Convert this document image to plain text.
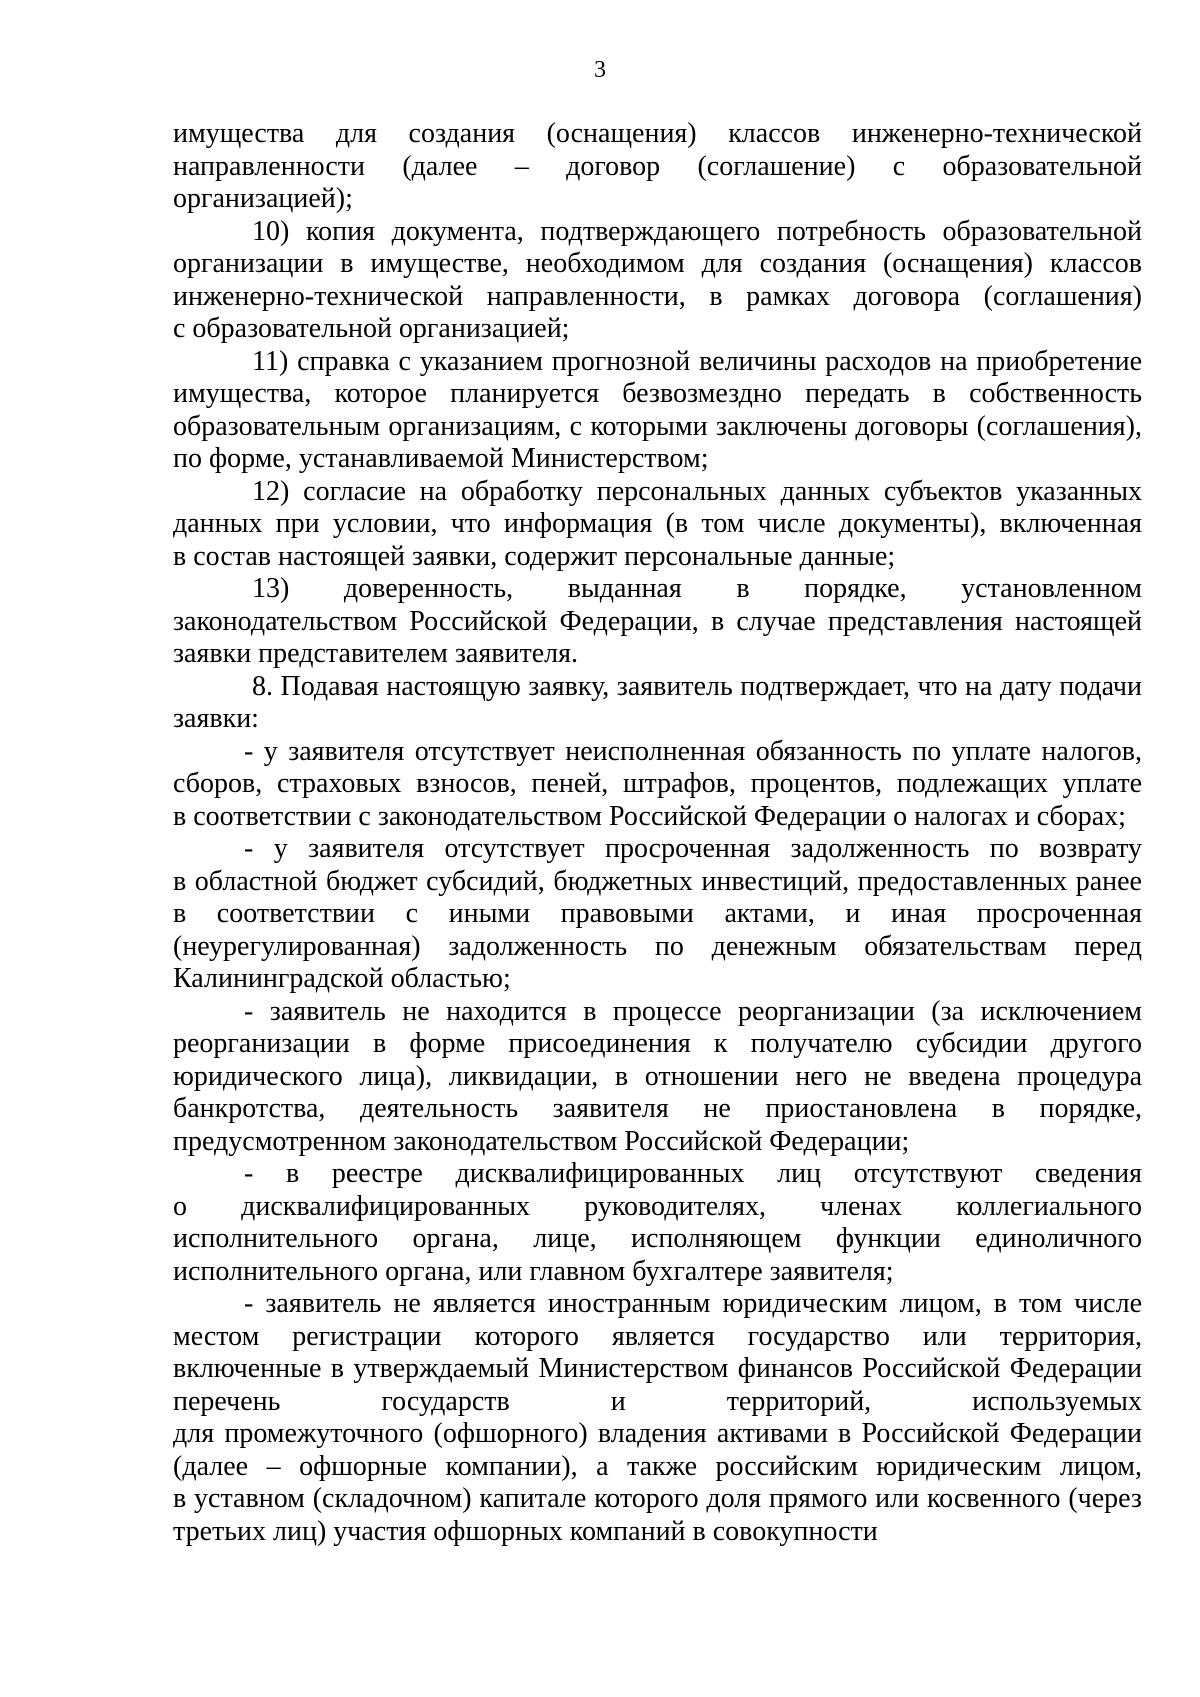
3
имущества для создания (оснащения) классов инженерно-технической
направленности (далее – договор (соглашение) с образовательной
организацией);
10) копия документа, подтверждающего потребность образовательной
организации в имуществе, необходимом для создания (оснащения) классов
инженерно-технической направленности, в рамках договора (соглашения)
с образовательной организацией;
11) справка с указанием прогнозной величины расходов на приобретение
имущества, которое планируется безвозмездно передать в собственность
образовательным организациям, с которыми заключены договоры (соглашения),
по форме, устанавливаемой Министерством;
12) согласие на обработку персональных данных субъектов указанных
данных при условии, что информация (в том числе документы), включенная
в состав настоящей заявки, содержит персональные данные;
13) доверенность, выданная в порядке, установленном
законодательством Российской Федерации, в случае представления настоящей
заявки представителем заявителя.
8. Подавая настоящую заявку, заявитель подтверждает, что на дату подачи
заявки:
- у заявителя отсутствует неисполненная обязанность по уплате налогов,
сборов, страховых взносов, пеней, штрафов, процентов, подлежащих уплате
в соответствии с законодательством Российской Федерации о налогах и сборах;
- у заявителя отсутствует просроченная задолженность по возврату
в областной бюджет субсидий, бюджетных инвестиций, предоставленных ранее
в соответствии с иными правовыми актами, и иная просроченная
(неурегулированная) задолженность по денежным обязательствам перед
Калининградской областью;
- заявитель не находится в процессе реорганизации (за исключением
реорганизации в форме присоединения к получателю субсидии другого
юридического лица), ликвидации, в отношении него не введена процедура
банкротства, деятельность заявителя не приостановлена в порядке,
предусмотренном законодательством Российской Федерации;
- в реестре дисквалифицированных лиц отсутствуют сведения
о дисквалифицированных руководителях, членах коллегиального
исполнительного органа, лице, исполняющем функции единоличного
исполнительного органа, или главном бухгалтере заявителя;
- заявитель не является иностранным юридическим лицом, в том числе
местом регистрации которого является государство или территория,
включенные в утверждаемый Министерством финансов Российской Федерации
перечень государств и территорий, используемых
для промежуточного (офшорного) владения активами в Российской Федерации
(далее – офшорные компании), а также российским юридическим лицом,
в уставном (складочном) капитале которого доля прямого или косвенного (через
третьих лиц) участия офшорных компаний в совокупности
